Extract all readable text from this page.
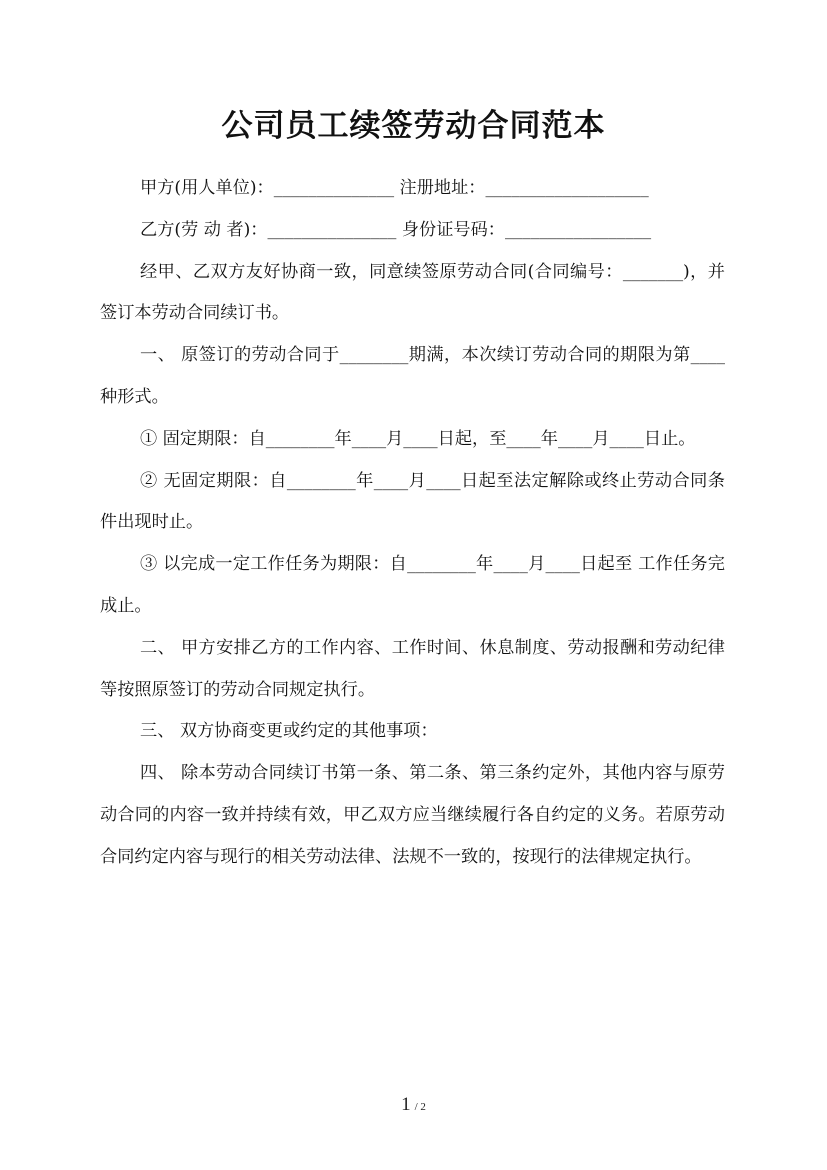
公司员工续签劳动合同范本

甲方(用人单位)：______________ 注册地址：___________________

乙方(劳 动 者)：_______________ 身份证号码：_________________

经甲、乙双方友好协商一致，同意续签原劳动合同(合同编号：_______)，并签订本劳动合同续订书。

一、 原签订的劳动合同于________期满，本次续订劳动合同的期限为第____种形式。

① 固定期限：自________年____月____日起，至____年____月____日止。

② 无固定期限：自________年____月____日起至法定解除或终止劳动合同条件出现时止。

③ 以完成一定工作任务为期限：自________年____月____日起至 工作任务完成止。

二、 甲方安排乙方的工作内容、工作时间、休息制度、劳动报酬和劳动纪律等按照原签订的劳动合同规定执行。

三、 双方协商变更或约定的其他事项：

四、 除本劳动合同续订书第一条、第二条、第三条约定外，其他内容与原劳动合同的内容一致并持续有效，甲乙双方应当继续履行各自约定的义务。若原劳动合同约定内容与现行的相关劳动法律、法规不一致的，按现行的法律规定执行。

1 / 2
